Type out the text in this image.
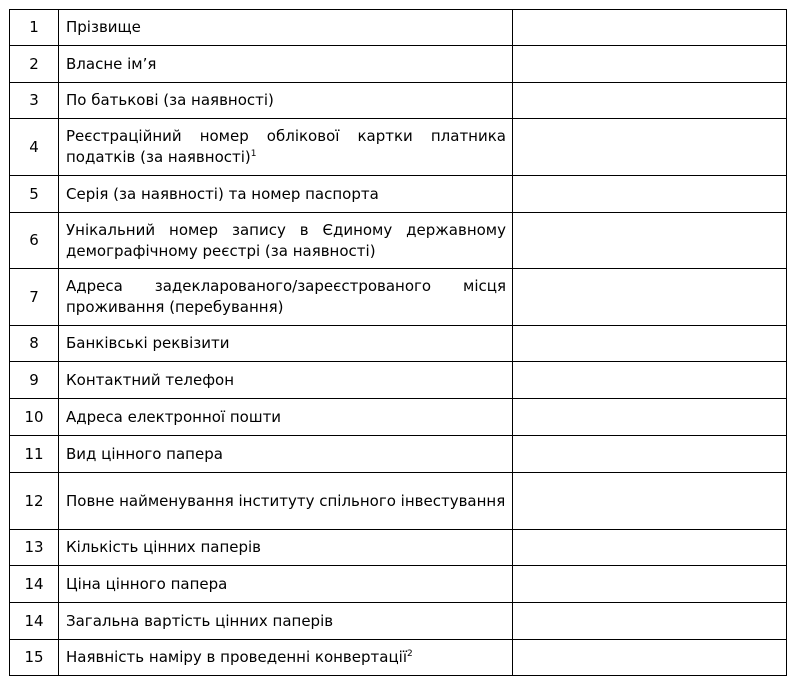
1	Прізвище	
2	Власне ім’я	
3	По батькові (за наявності)	
4	Реєстраційний номер облікової картки платника податків (за наявності)$^1$	
5	Серія (за наявності) та номер паспорта	
6	Унікальний номер запису в Єдиному державному демографічному реєстрі (за наявності)	
7	Адреса задекларованого/зареєстрованого місця проживання (перебування)	
8	Банківські реквізити	
9	Контактний телефон	
10	Адреса електронної пошти	
11	Вид цінного папера	
12	Повне найменування інституту спільного інвестування	
13	Кількість цінних паперів	
14	Ціна цінного папера	
14	Загальна вартість цінних паперів	
15	Наявність наміру в проведенні конвертації$^2$	
